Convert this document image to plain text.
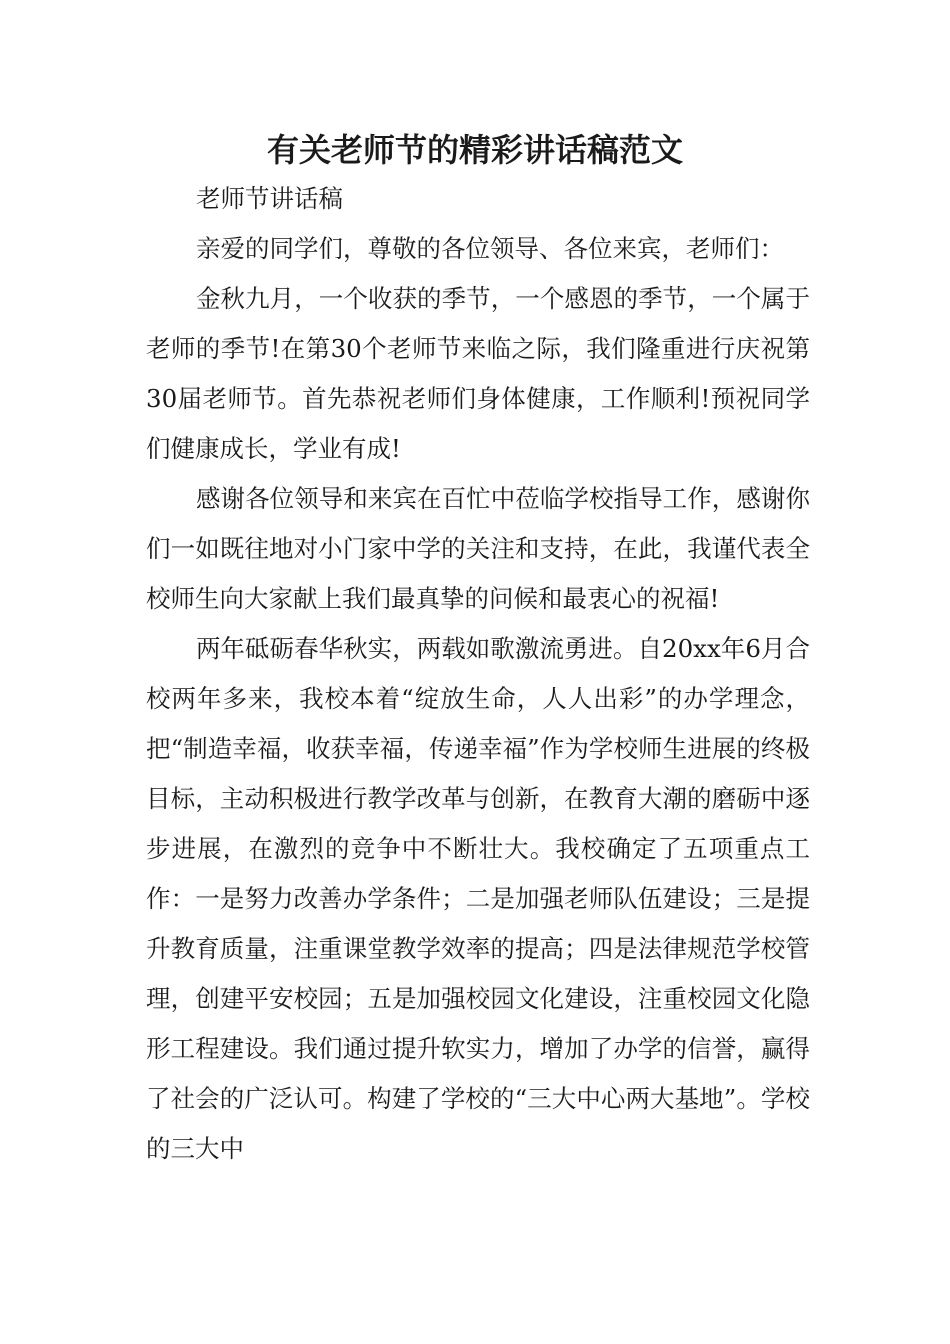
有关老师节的精彩讲话稿范文

老师节讲话稿

亲爱的同学们，尊敬的各位领导、各位来宾，老师们：

金秋九月，一个收获的季节，一个感恩的季节，一个属于老师的季节!在第30个老师节来临之际，我们隆重进行庆祝第30届老师节。首先恭祝老师们身体健康，工作顺利!预祝同学们健康成长，学业有成!

感谢各位领导和来宾在百忙中莅临学校指导工作，感谢你们一如既往地对小门家中学的关注和支持，在此，我谨代表全校师生向大家献上我们最真挚的问候和最衷心的祝福!

两年砥砺春华秋实，两载如歌激流勇进。自20xx年6月合校两年多来，我校本着“绽放生命，人人出彩”的办学理念，把“制造幸福，收获幸福，传递幸福”作为学校师生进展的终极目标，主动积极进行教学改革与创新，在教育大潮的磨砺中逐步进展，在激烈的竞争中不断壮大。我校确定了五项重点工作：一是努力改善办学条件；二是加强老师队伍建设；三是提升教育质量，注重课堂教学效率的提高；四是法律规范学校管理，创建平安校园；五是加强校园文化建设，注重校园文化隐形工程建设。我们通过提升软实力，增加了办学的信誉，赢得了社会的广泛认可。构建了学校的“三大中心两大基地”。学校的三大中
